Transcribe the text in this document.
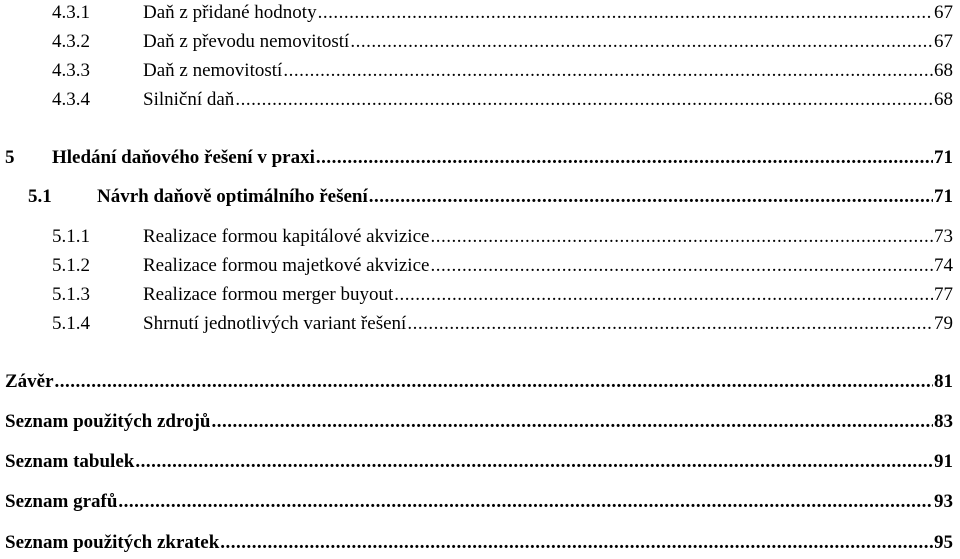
4.3.1	Daň z přidané hodnoty .....	67
4.3.2	Daň z převodu nemovitostí .....	67
4.3.3	Daň z nemovitostí .....	68
4.3.4	Silniční daň .....	68
5 Hledání daňového řešení v praxi .....	71
5.1 Návrh daňově optimálního řešení .....	71
5.1.1	Realizace formou kapitálové akvizice .....	73
5.1.2	Realizace formou majetkové akvizice .....	74
5.1.3	Realizace formou merger buyout .....	77
5.1.4	Shrnutí jednotlivých variant řešení .....	79
Závěr .....	81
Seznam použitých zdrojů .....	83
Seznam tabulek .....	91
Seznam grafů .....	93
Seznam použitých zkratek .....	95
